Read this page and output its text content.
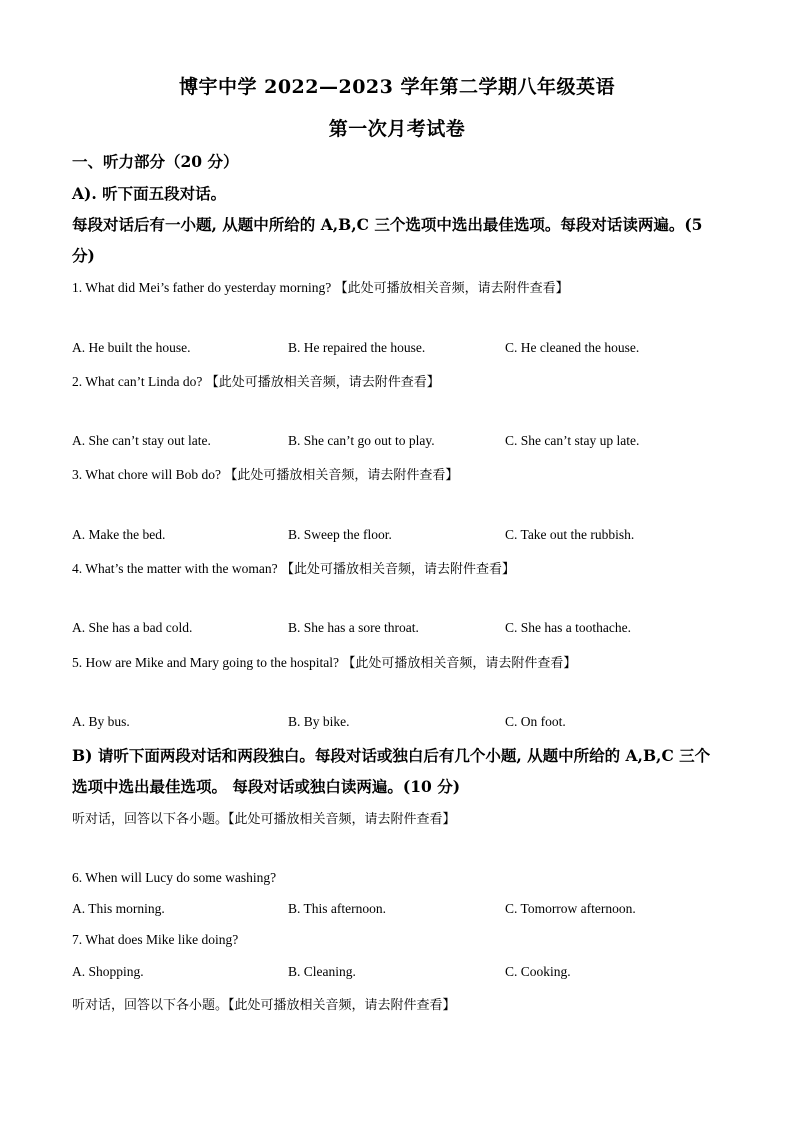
博宇中学 2022—2023 学年第二学期八年级英语
第一次月考试卷
一、听力部分（20 分）
A). 听下面五段对话。
每段对话后有一小题, 从题中所给的 A,B,C 三个选项中选出最佳选项。每段对话读两遍。(5
分)
1. What did Mei’s father do yesterday morning? 【此处可播放相关音频，请去附件查看】
A. He built the house.	B. He repaired the house.	C. He cleaned the house.
2. What can’t Linda do? 【此处可播放相关音频，请去附件查看】
A. She can’t stay out late.	B. She can’t go out to play.	C. She can’t stay up late.
3. What chore will Bob do? 【此处可播放相关音频，请去附件查看】
A. Make the bed.	B. Sweep the floor.	C. Take out the rubbish.
4. What’s the matter with the woman? 【此处可播放相关音频，请去附件查看】
A. She has a bad cold.	B. She has a sore throat.	C. She has a toothache.
5. How are Mike and Mary going to the hospital? 【此处可播放相关音频，请去附件查看】
A. By bus.	B. By bike.	C. On foot.
B) 请听下面两段对话和两段独白。每段对话或独白后有几个小题, 从题中所给的 A,B,C 三个
选项中选出最佳选项。 每段对话或独白读两遍。(10 分)
听对话，回答以下各小题。【此处可播放相关音频，请去附件查看】
6. When will Lucy do some washing?
A. This morning.	B. This afternoon.	C. Tomorrow afternoon.
7. What does Mike like doing?
A. Shopping.	B. Cleaning.	C. Cooking.
听对话，回答以下各小题。【此处可播放相关音频，请去附件查看】
